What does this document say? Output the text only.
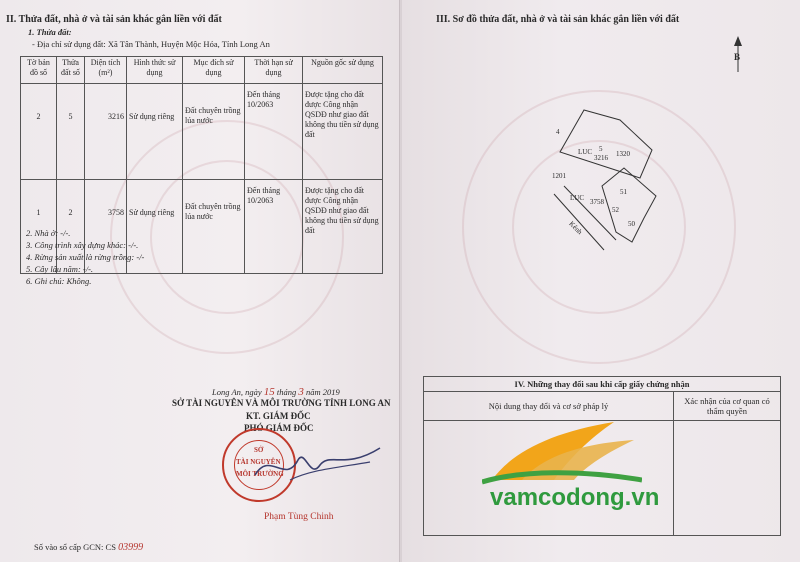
II. Thửa đất, nhà ở và tài sản khác gắn liền với đất
1. Thửa đất:
- Địa chỉ sử dụng đất: Xã Tân Thành, Huyện Mộc Hóa, Tỉnh Long An
Tờ bản đồ số	Thửa đất số	Diện tích (m²)	Hình thức sử dụng	Mục đích sử dụng	Thời hạn sử dụng	Nguồn gốc sử dụng
2	5	3216	Sử dụng riêng	Đất chuyên trồng lúa nước	Đến tháng 10/2063	Được tặng cho đất được Công nhận QSDĐ như giao đất không thu tiền sử dụng đất
1	2	3758	Sử dụng riêng	Đất chuyên trồng lúa nước	Đến tháng 10/2063	Được tặng cho đất được Công nhận QSDĐ như giao đất không thu tiền sử dụng đất
2. Nhà ở: -/-.
3. Công trình xây dựng khác: -/-.
4. Rừng sản xuất là rừng trồng: -/-
5. Cây lâu năm: -/-.
6. Ghi chú: Không.
Long An, ngày 15 tháng 3 năm 2019
SỞ TÀI NGUYÊN VÀ MÔI TRƯỜNG TỈNH LONG AN
KT. GIÁM ĐỐC
PHÓ GIÁM ĐỐC
SỞ
TÀI NGUYÊN
MÔI TRƯỜNG
Phạm Tùng Chinh
Số vào sổ cấp GCN: CS 03999
III. Sơ đồ thửa đất, nhà ở và tài sản khác gắn liền với đất
B
4
LUC 5
3216 1320
1201
LUC
51
3758
52
50
Kênh
IV. Những thay đổi sau khi cấp giấy chứng nhận	
Nội dung thay đổi và cơ sở pháp lý	Xác nhận của cơ quan có thẩm quyền

vamcodong.vn
